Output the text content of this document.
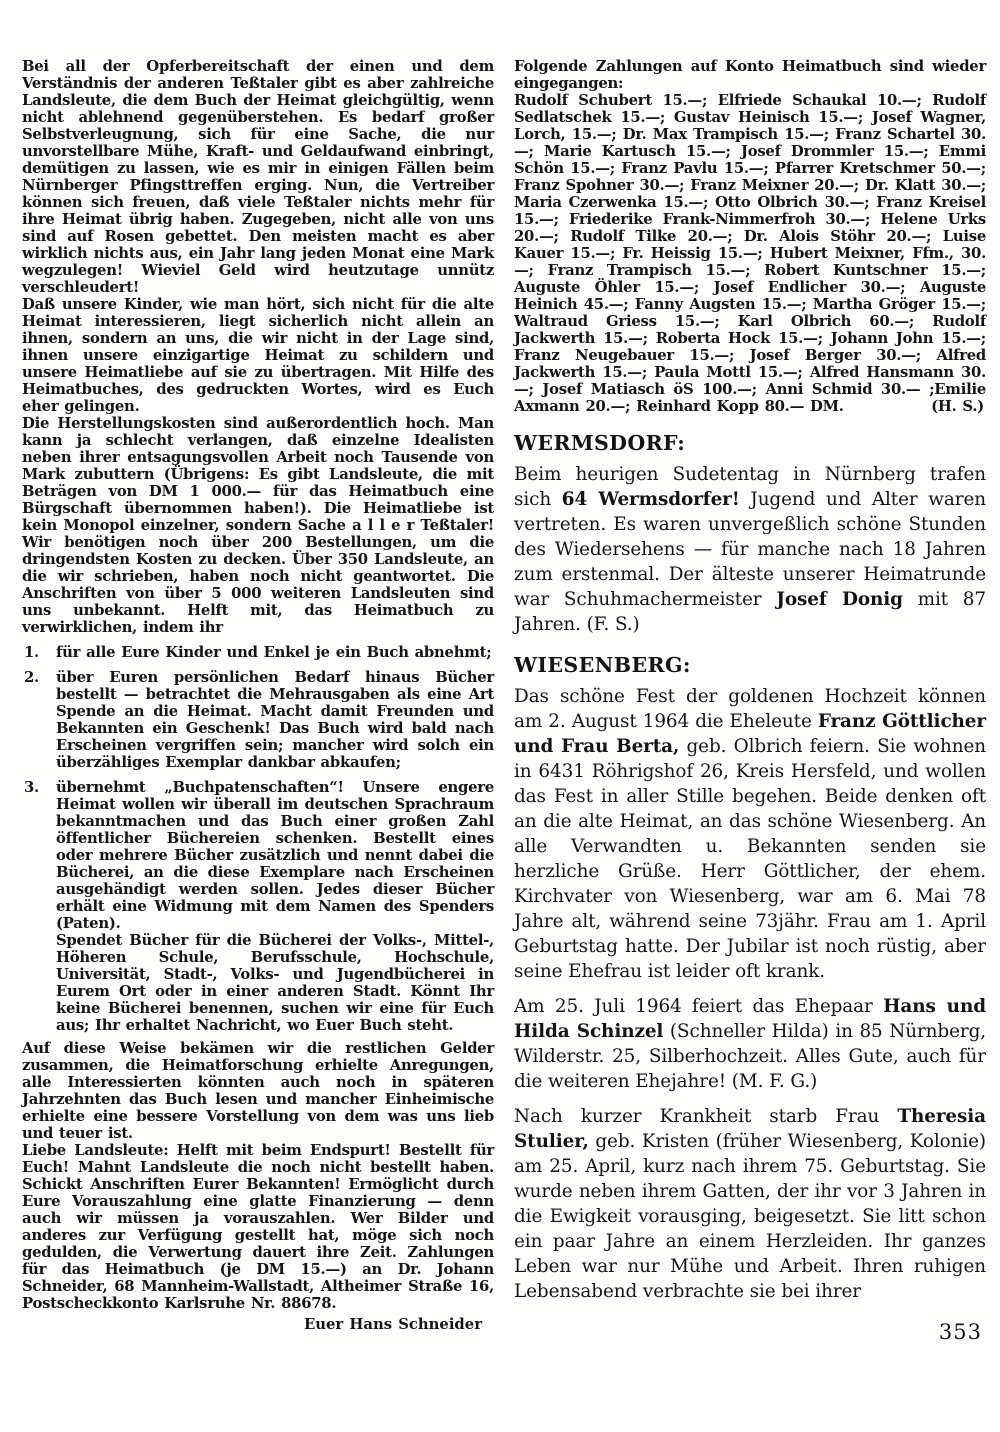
Bei all der Opferbereitschaft der einen und dem Verständnis der anderen Teßtaler gibt es aber zahlreiche Landsleute, die dem Buch der Heimat gleichgültig, wenn nicht ablehnend gegenüberstehen. Es bedarf großer Selbstverleugnung, sich für eine Sache, die nur unvorstellbare Mühe, Kraft- und Geldaufwand einbringt, demütigen zu lassen, wie es mir in einigen Fällen beim Nürnberger Pfingsttreffen erging. Nun, die Vertreiber können sich freuen, daß viele Teßtaler nichts mehr für ihre Heimat übrig haben. Zugegeben, nicht alle von uns sind auf Rosen gebettet. Den meisten macht es aber wirklich nichts aus, ein Jahr lang jeden Monat eine Mark wegzulegen! Wieviel Geld wird heutzutage unnütz verschleudert!

Daß unsere Kinder, wie man hört, sich nicht für die alte Heimat interessieren, liegt sicherlich nicht allein an ihnen, sondern an uns, die wir nicht in der Lage sind, ihnen unsere einzigartige Heimat zu schildern und unsere Heimatliebe auf sie zu übertragen. Mit Hilfe des Heimatbuches, des gedruckten Wortes, wird es Euch eher gelingen.

Die Herstellungskosten sind außerordentlich hoch. Man kann ja schlecht verlangen, daß einzelne Idealisten neben ihrer entsagungsvollen Arbeit noch Tausende von Mark zubuttern (Übrigens: Es gibt Landsleute, die mit Beträgen von DM 1 000.— für das Heimatbuch eine Bürgschaft übernommen haben!). Die Heimatliebe ist kein Monopol einzelner, sondern Sache a l l e r Teßtaler! Wir benötigen noch über 200 Bestellungen, um die dringendsten Kosten zu decken. Über 350 Landsleute, an die wir schrieben, haben noch nicht geantwortet. Die Anschriften von über 5 000 weiteren Landsleuten sind uns unbekannt. Helft mit, das Heimatbuch zu verwirklichen, indem ihr

1. für alle Eure Kinder und Enkel je ein Buch abnehmt;
2. über Euren persönlichen Bedarf hinaus Bücher bestellt — betrachtet die Mehrausgaben als eine Art Spende an die Heimat. Macht damit Freunden und Bekannten ein Geschenk! Das Buch wird bald nach Erscheinen vergriffen sein; mancher wird solch ein überzähliges Exemplar dankbar abkaufen;
3. übernehmt „Buchpatenschaften“! Unsere engere Heimat wollen wir überall im deutschen Sprachraum bekanntmachen und das Buch einer großen Zahl öffentlicher Büchereien schenken. Bestellt eines oder mehrere Bücher zusätzlich und nennt dabei die Bücherei, an die diese Exemplare nach Erscheinen ausgehändigt werden sollen. Jedes dieser Bücher erhält eine Widmung mit dem Namen des Spenders (Paten).
Spendet Bücher für die Bücherei der Volks-, Mittel-, Höheren Schule, Berufsschule, Hochschule, Universität, Stadt-, Volks- und Jugendbücherei in Eurem Ort oder in einer anderen Stadt. Könnt Ihr keine Bücherei benennen, suchen wir eine für Euch aus; Ihr erhaltet Nachricht, wo Euer Buch steht.

Auf diese Weise bekämen wir die restlichen Gelder zusammen, die Heimatforschung erhielte Anregungen, alle Interessierten könnten auch noch in späteren Jahrzehnten das Buch lesen und mancher Einheimische erhielte eine bessere Vorstellung von dem was uns lieb und teuer ist.

Liebe Landsleute: Helft mit beim Endspurt! Bestellt für Euch! Mahnt Landsleute die noch nicht bestellt haben. Schickt Anschriften Eurer Bekannten! Ermöglicht durch Eure Vorauszahlung eine glatte Finanzierung — denn auch wir müssen ja vorauszahlen. Wer Bilder und anderes zur Verfügung gestellt hat, möge sich noch gedulden, die Verwertung dauert ihre Zeit. Zahlungen für das Heimatbuch (je DM 15.—) an Dr. Johann Schneider, 68 Mannheim-Wallstadt, Altheimer Straße 16, Postscheckkonto Karlsruhe Nr. 88678.

Euer Hans Schneider

Folgende Zahlungen auf Konto Heimatbuch sind wieder eingegangen:

Rudolf Schubert 15.—; Elfriede Schaukal 10.—; Rudolf Sedlatschek 15.—; Gustav Heinisch 15.—; Josef Wagner, Lorch, 15.—; Dr. Max Trampisch 15.—; Franz Schartel 30.—; Marie Kartusch 15.—; Josef Drommler 15.—; Emmi Schön 15.—; Franz Pavlu 15.—; Pfarrer Kretschmer 50.—; Franz Spohner 30.—; Franz Meixner 20.—; Dr. Klatt 30.—; Maria Czerwenka 15.—; Otto Olbrich 30.—; Franz Kreisel 15.—; Friederike Frank-Nimmerfroh 30.—; Helene Urks 20.—; Rudolf Tilke 20.—; Dr. Alois Stöhr 20.—; Luise Kauer 15.—; Fr. Heissig 15.—; Hubert Meixner, Ffm., 30.—; Franz Trampisch 15.—; Robert Kuntschner 15.—; Auguste Öhler 15.—; Josef Endlicher 30.—; Auguste Heinich 45.—; Fanny Augsten 15.—; Martha Gröger 15.—; Waltraud Griess 15.—; Karl Olbrich 60.—; Rudolf Jackwerth 15.—; Roberta Hock 15.—; Johann John 15.—; Franz Neugebauer 15.—; Josef Berger 30.—; Alfred Jackwerth 15.—; Paula Mottl 15.—; Alfred Hansmann 30.—; Josef Matiasch öS 100.—; Anni Schmid 30.— ;Emilie Axmann 20.—; Reinhard Kopp 80.— DM.	(H. S.)

WERMSDORF:

Beim heurigen Sudetentag in Nürnberg trafen sich 64 Wermsdorfer! Jugend und Alter waren vertreten. Es waren unvergeßlich schöne Stunden des Wiedersehens — für manche nach 18 Jahren zum erstenmal. Der älteste unserer Heimatrunde war Schuhmachermeister Josef Donig mit 87 Jahren. (F. S.)

WIESENBERG:

Das schöne Fest der goldenen Hochzeit können am 2. August 1964 die Eheleute Franz Göttlicher und Frau Berta, geb. Olbrich feiern. Sie wohnen in 6431 Röhrigshof 26, Kreis Hersfeld, und wollen das Fest in aller Stille begehen. Beide denken oft an die alte Heimat, an das schöne Wiesenberg. An alle Verwandten u. Bekannten senden sie herzliche Grüße. Herr Göttlicher, der ehem. Kirchvater von Wiesenberg, war am 6. Mai 78 Jahre alt, während seine 73jähr. Frau am 1. April Geburtstag hatte. Der Jubilar ist noch rüstig, aber seine Ehefrau ist leider oft krank.

Am 25. Juli 1964 feiert das Ehepaar Hans und Hilda Schinzel (Schneller Hilda) in 85 Nürnberg, Wilderstr. 25, Silberhochzeit. Alles Gute, auch für die weiteren Ehejahre! (M. F. G.)

Nach kurzer Krankheit starb Frau Theresia Stulier, geb. Kristen (früher Wiesenberg, Kolonie) am 25. April, kurz nach ihrem 75. Geburtstag. Sie wurde neben ihrem Gatten, der ihr vor 3 Jahren in die Ewigkeit vorausging, beigesetzt. Sie litt schon ein paar Jahre an einem Herzleiden. Ihr ganzes Leben war nur Mühe und Arbeit. Ihren ruhigen Lebensabend verbrachte sie bei ihrer

353
